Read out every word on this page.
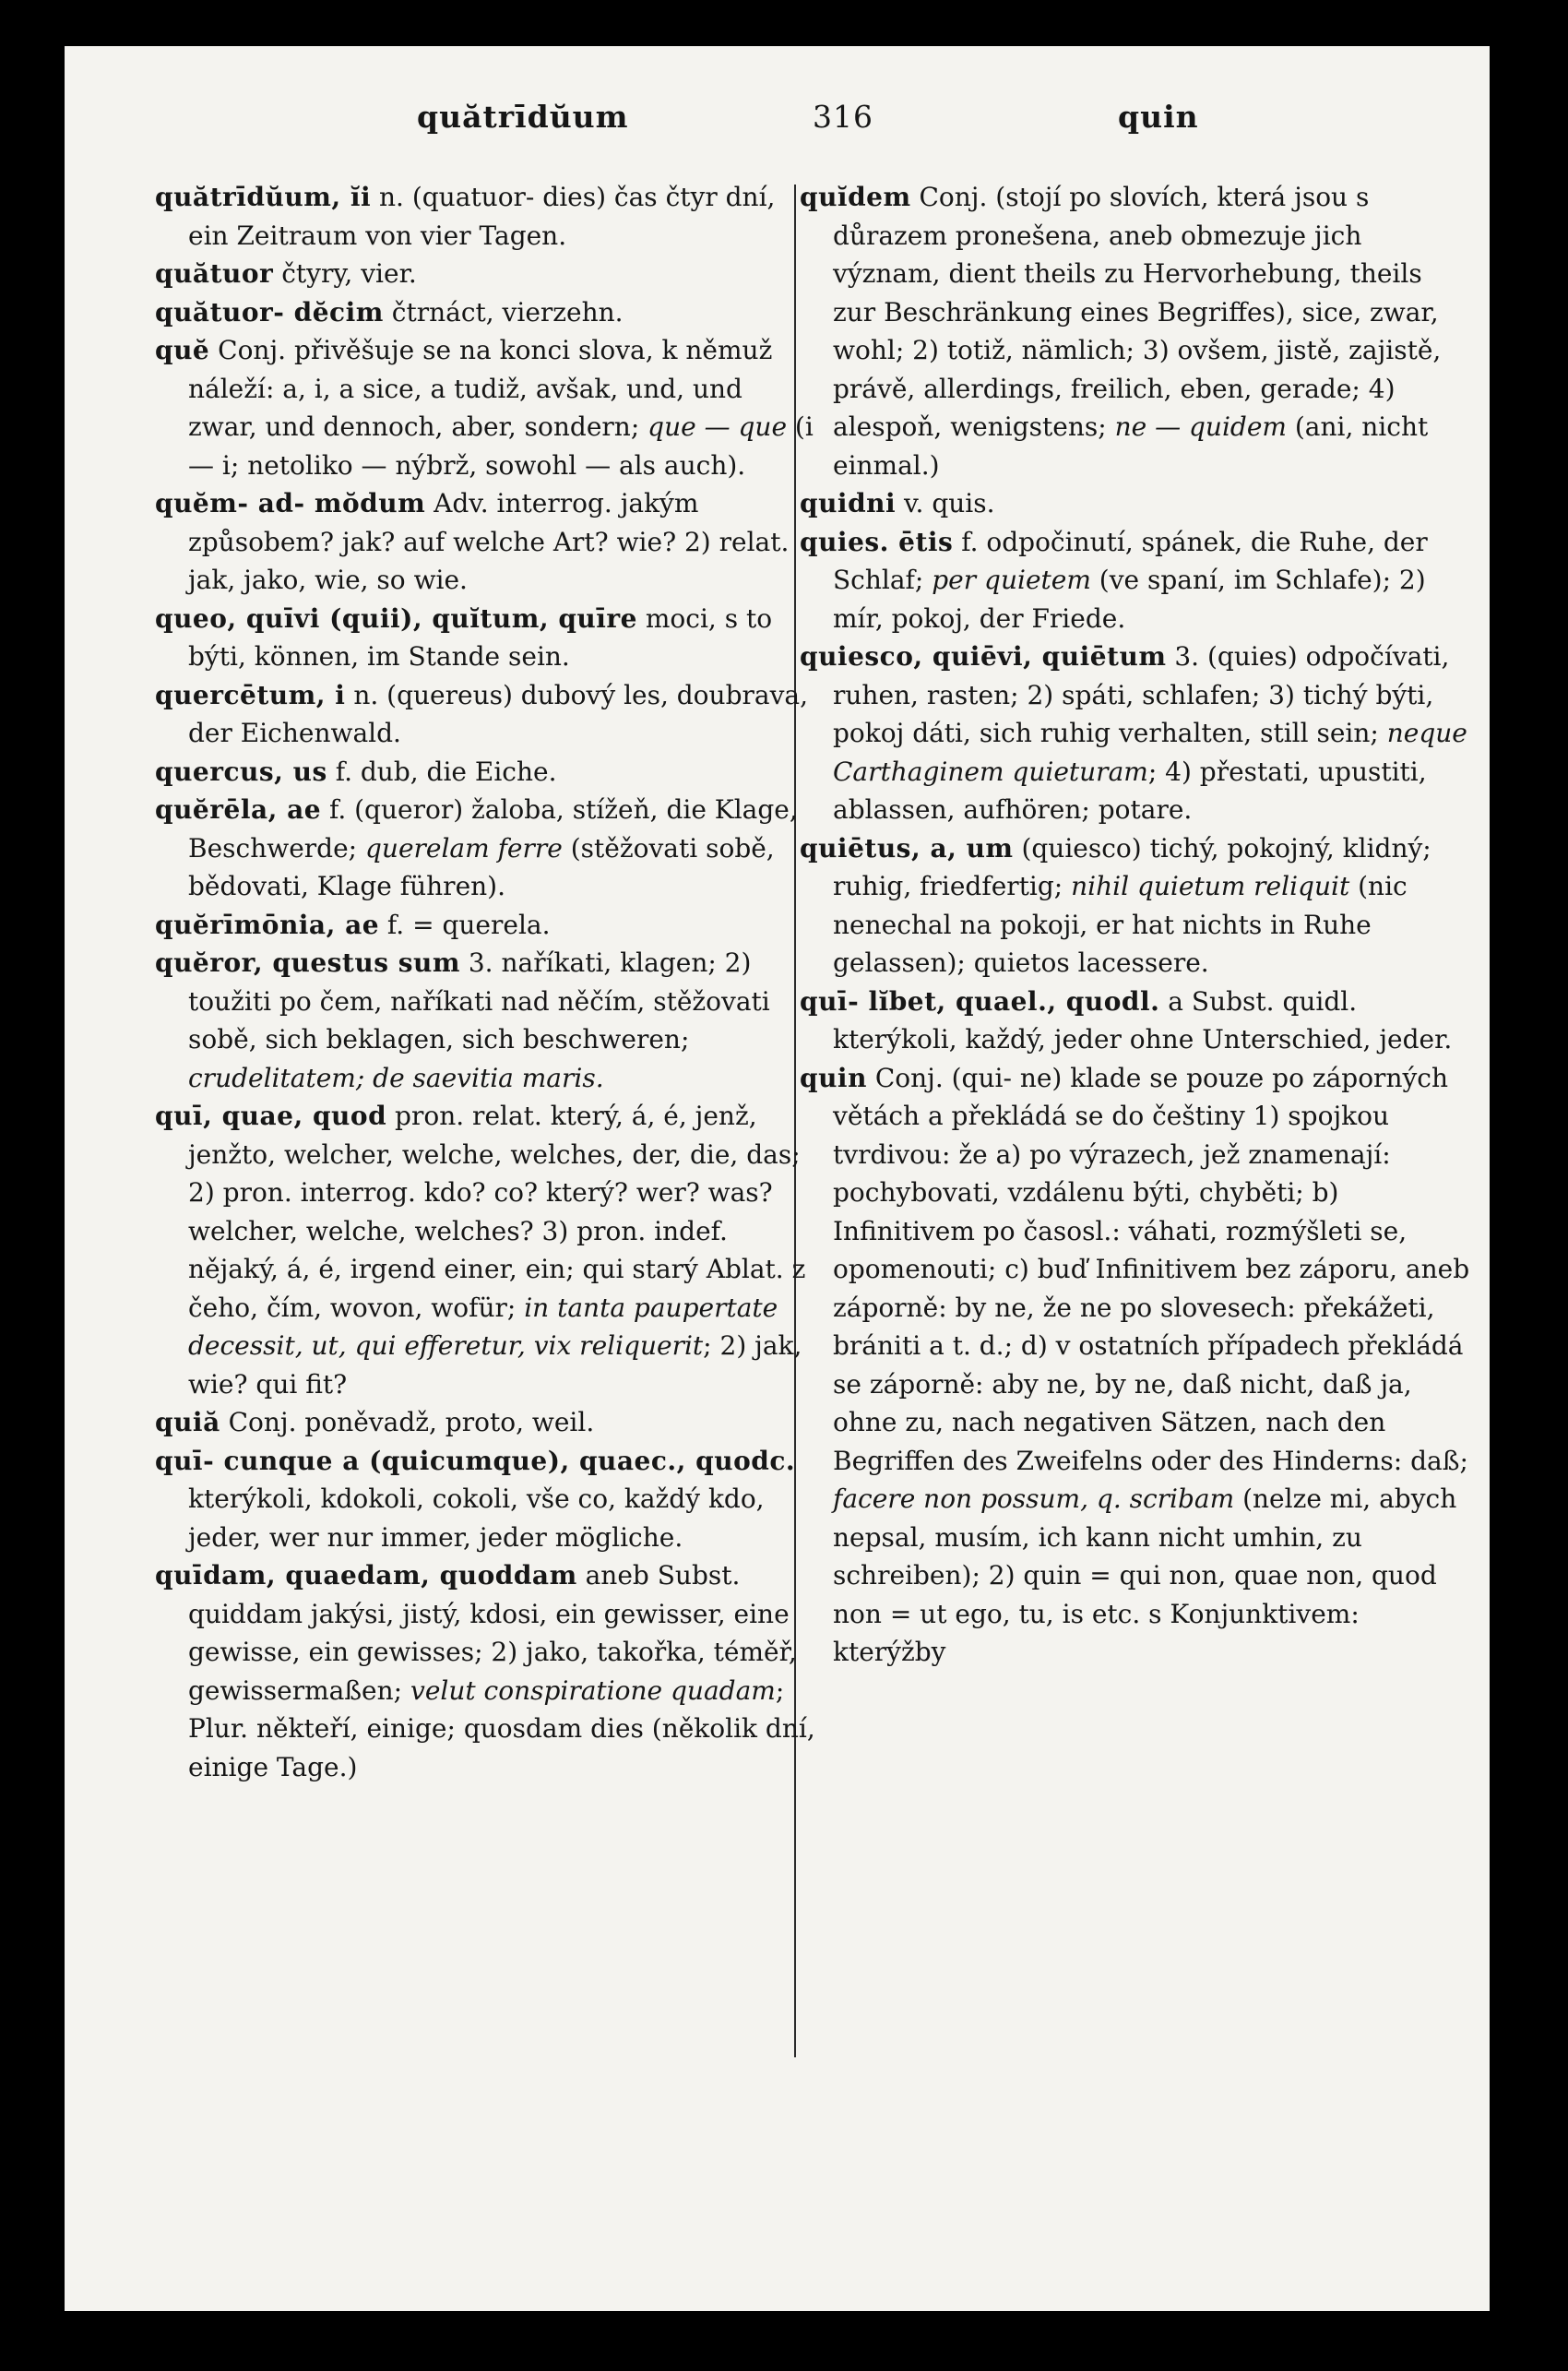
quătrīdŭum	316	quin

quătrīdŭum, ĭi n. (quatuor- dies) čas čtyr dní, ein Zeitraum von vier Tagen.

quătuor čtyry, vier.

quătuor- dĕcim čtrnáct, vierzehn.

quĕ Conj. přivěšuje se na konci slova, k němuž náleží: a, i, a sice, a tudiž, avšak, und, und zwar, und dennoch, aber, sondern; que — que (i — i; netoliko — nýbrž, sowohl — als auch).

quĕm- ad- mŏdum Adv. interrog. jakým způsobem? jak? auf welche Art? wie? 2) relat. jak, jako, wie, so wie.

queo, quīvi (quii), quĭtum, quīre moci, s to býti, können, im Stande sein.

quercētum, i n. (quereus) dubový les, doubrava, der Eichenwald.

quercus, us f. dub, die Eiche.

quĕrēla, ae f. (queror) žaloba, stížeň, die Klage, Beschwerde; querelam ferre (stěžovati sobě, bědovati, Klage führen).

quĕrīmōnia, ae f. = querela.

quĕror, questus sum 3. naříkati, klagen; 2) toužiti po čem, naříkati nad něčím, stěžovati sobě, sich beklagen, sich beschweren; crudelitatem; de saevitia maris.

quī, quae, quod pron. relat. který, á, é, jenž, jenžto, welcher, welche, welches, der, die, das; 2) pron. interrog. kdo? co? který? wer? was? welcher, welche, welches? 3) pron. indef. nějaký, á, é, irgend einer, ein; qui starý Ablat. z čeho, čím, wovon, wofür; in tanta paupertate decessit, ut, qui efferetur, vix reliquerit; 2) jak, wie? qui fit?

quiă Conj. poněvadž, proto, weil.

quī- cunque a (quicumque), quaec., quodc. kterýkoli, kdokoli, cokoli, vše co, každý kdo, jeder, wer nur immer, jeder mögliche.

quīdam, quaedam, quoddam aneb Subst. quiddam jakýsi, jistý, kdosi, ein gewisser, eine gewisse, ein gewisses; 2) jako, takořka, téměř, gewissermaßen; velut conspiratione quadam; Plur. někteří, einige; quosdam dies (několik dní, einige Tage.)

quĭdem Conj. (stojí po slovích, která jsou s důrazem pronešena, aneb obmezuje jich význam, dient theils zu Hervorhebung, theils zur Beschränkung eines Begriffes), sice, zwar, wohl; 2) totiž, nämlich; 3) ovšem, jistě, zajistě, právě, allerdings, freilich, eben, gerade; 4) alespoň, wenigstens; ne — quidem (ani, nicht einmal.)

quidni v. quis.

quies. ētis f. odpočinutí, spánek, die Ruhe, der Schlaf; per quietem (ve spaní, im Schlafe); 2) mír, pokoj, der Friede.

quiesco, quiēvi, quiētum 3. (quies) odpočívati, ruhen, rasten; 2) spáti, schlafen; 3) tichý býti, pokoj dáti, sich ruhig verhalten, still sein; neque Carthaginem quieturam; 4) přestati, upustiti, ablassen, aufhören; potare.

quiētus, a, um (quiesco) tichý, pokojný, klidný; ruhig, friedfertig; nihil quietum reliquit (nic nenechal na pokoji, er hat nichts in Ruhe gelassen); quietos lacessere.

quī- lĭbet, quael., quodl. a Subst. quidl. kterýkoli, každý, jeder ohne Unterschied, jeder.

quin Conj. (qui- ne) klade se pouze po záporných větách a překládá se do češtiny 1) spojkou tvrdivou: že a) po výrazech, jež znamenají: pochybovati, vzdálenu býti, chyběti; b) Infinitivem po časosl.: váhati, rozmýšleti se, opomenouti; c) buď Infinitivem bez záporu, aneb záporně: by ne, že ne po slovesech: překážeti, brániti a t. d.; d) v ostatních případech překládá se záporně: aby ne, by ne, daß nicht, daß ja, ohne zu, nach negativen Sätzen, nach den Begriffen des Zweifelns oder des Hinderns: daß; facere non possum, q. scribam (nelze mi, abych nepsal, musím, ich kann nicht umhin, zu schreiben); 2) quin = qui non, quae non, quod non = ut ego, tu, is etc. s Konjunktivem: kterýžby
